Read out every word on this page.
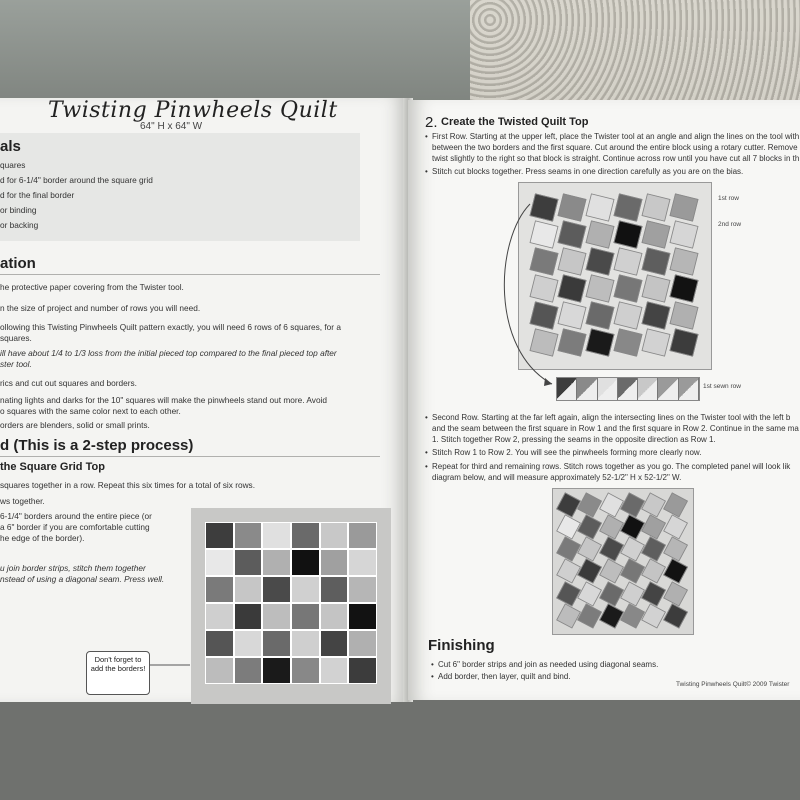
Twisting Pinwheels Quilt
64" H x 64" W
als
quares
d for 6-1/4" border around the square grid
d for the final border
or binding
or backing
ation
he protective paper covering from the Twister tool.
n the size of project and number of rows you will need.
ollowing this Twisting Pinwheels Quilt pattern exactly, you will need 6 rows of 6 squares, for a
squares.
ill have about 1/4 to 1/3 loss from the initial pieced top compared to the final pieced top after
ster tool.
rics and cut out squares and borders.
nating lights and darks for the 10" squares will make the pinwheels stand out more. Avoid
o squares with the same color next to each other.
orders are blenders, solid or small prints.
d (This is a 2-step process)
the Square Grid Top
squares together in a row. Repeat this six times for a total of six rows.
ws together.
6-1/4" borders around the entire piece (or
a 6" border if you are comfortable cutting
he edge of the border).
u join border strips, stitch them together
nstead of using a diagonal seam. Press well.
Don't forget to add the borders!
2. Create the Twisted Quilt Top
• First Row. Starting at the upper left, place the Twister tool at an angle and align the lines on the tool with
between the two borders and the first square. Cut around the entire block using a rotary cutter. Remove
twist slightly to the right so that block is straight. Continue across row until you have cut all 7 blocks in th
• Stitch cut blocks together. Press seams in one direction carefully as you are on the bias.
1st row
2nd row
1st sewn row
• Second Row. Starting at the far left again, align the intersecting lines on the Twister tool with the left b
and the seam between the first square in Row 1 and the first square in Row 2. Continue in the same ma
1. Stitch together Row 2, pressing the seams in the opposite direction as Row 1.
• Stitch Row 1 to Row 2. You will see the pinwheels forming more clearly now.
• Repeat for third and remaining rows. Stitch rows together as you go. The completed panel will look lik
diagram below, and will measure approximately 52-1/2" H x 52-1/2" W.
Finishing
• Cut 6" border strips and join as needed using diagonal seams.
• Add border, then layer, quilt and bind.
Twisting Pinwheels Quilt© 2009 Twister
